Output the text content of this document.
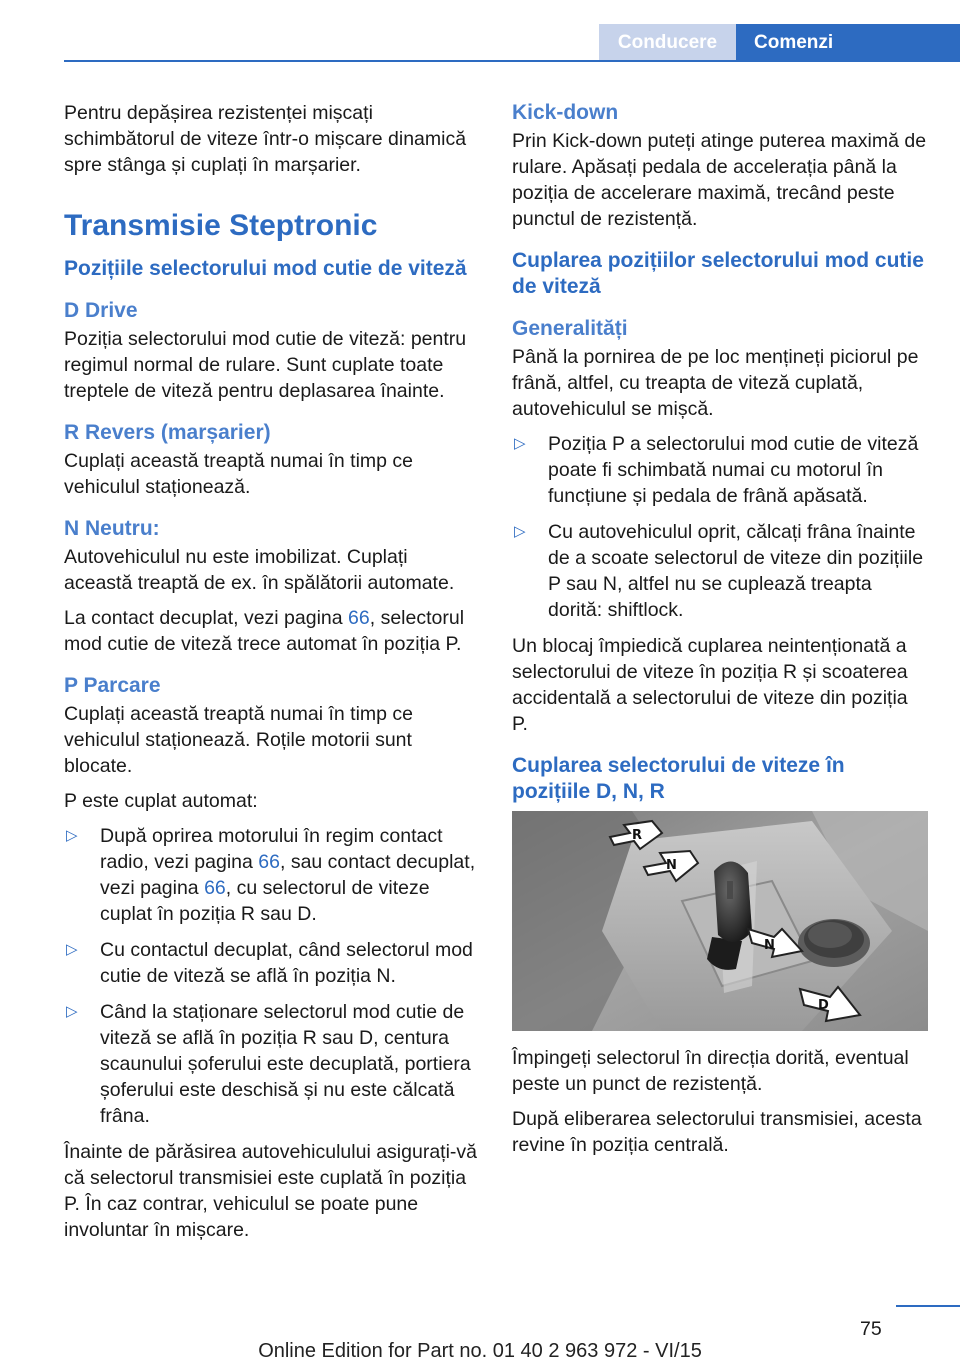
Conducere	Comenzi

Pentru depășirea rezistenței mișcați schimbătorul de viteze într-o mișcare dinamică spre stânga și cuplați în marșarier.

Transmisie Steptronic
Pozițiile selectorului mod cutie de viteză
D Drive

Poziția selectorului mod cutie de viteză: pentru regimul normal de rulare. Sunt cuplate toate treptele de viteză pentru deplasarea înainte.

R Revers (marșarier)

Cuplați această treaptă numai în timp ce vehiculul staționează.

N Neutru:

Autovehiculul nu este imobilizat. Cuplați această treaptă de ex. în spălătorii automate.

La contact decuplat, vezi pagina 66, selectorul mod cutie de viteză trece automat în poziția P.

P Parcare

Cuplați această treaptă numai în timp ce vehiculul staționează. Roțile motorii sunt blocate.

P este cuplat automat:

▷ După oprirea motorului în regim contact radio, vezi pagina 66, sau contact decuplat, vezi pagina 66, cu selectorul de viteze cuplat în poziția R sau D.
▷ Cu contactul decuplat, când selectorul mod cutie de viteză se află în poziția N.
▷ Când la staționare selectorul mod cutie de viteză se află în poziția R sau D, centura scaunului șoferului este decuplată, portiera șoferului este deschisă și nu este călcată frâna.

Înainte de părăsirea autovehiculului asigurați-vă că selectorul transmisiei este cuplată în poziția P. În caz contrar, vehiculul se poate pune involuntar în mișcare.

Kick-down

Prin Kick-down puteți atinge puterea maximă de rulare. Apăsați pedala de accelerația până la poziția de accelerare maximă, trecând peste punctul de rezistență.

Cuplarea pozițiilor selectorului mod cutie de viteză
Generalități

Până la pornirea de pe loc mențineți piciorul pe frână, altfel, cu treapta de viteză cuplată, autovehiculul se mișcă.

▷ Poziția P a selectorului mod cutie de viteză poate fi schimbată numai cu motorul în funcțiune și pedala de frână apăsată.
▷ Cu autovehiculul oprit, călcați frâna înainte de a scoate selectorul de viteze din pozițiile P sau N, altfel nu se cuplează treapta dorită: shiftlock.

Un blocaj împiedică cuplarea neintenționată a selectorului de viteze în poziția R și scoaterea accidentală a selectorului de viteze din poziția P.

Cuplarea selectorului de viteze în pozițiile D, N, R
R
N
N
D

Împingeți selectorul în direcția dorită, eventual peste un punct de rezistență.

După eliberarea selectorului transmisiei, acesta revine în poziția centrală.

75
Online Edition for Part no. 01 40 2 963 972 - VI/15
